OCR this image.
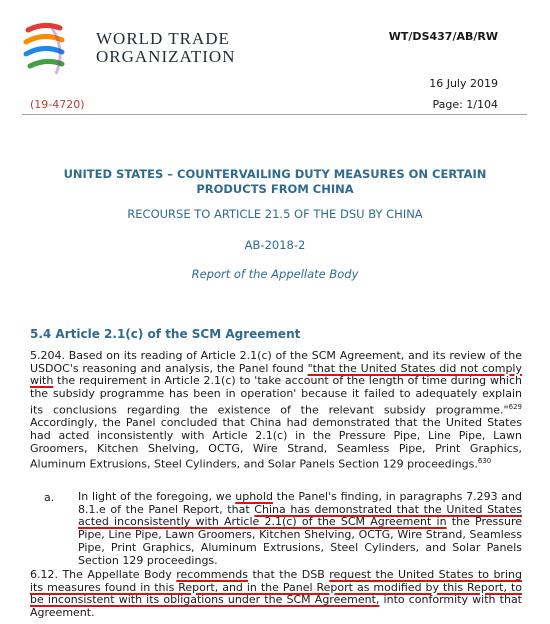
WORLD TRADE
ORGANIZATION
WT/DS437/AB/RW
16 July 2019
(19-4720)	Page: 1/104
UNITED STATES – COUNTERVAILING DUTY MEASURES ON CERTAIN PRODUCTS FROM CHINA
RECOURSE TO ARTICLE 21.5 OF THE DSU BY CHINA
AB-2018-2
Report of the Appellate Body
5.4 Article 2.1(c) of the SCM Agreement
5.204. Based on its reading of Article 2.1(c) of the SCM Agreement, and its review of the USDOC's reasoning and analysis, the Panel found "that the United States did not comply with the requirement in Article 2.1(c) to 'take account of the length of time during which the subsidy programme has been in operation' because it failed to adequately explain its conclusions regarding the existence of the relevant subsidy programme."$^{629}$ Accordingly, the Panel concluded that China had demonstrated that the United States had acted inconsistently with Article 2.1(c) in the Pressure Pipe, Line Pipe, Lawn Groomers, Kitchen Shelving, OCTG, Wire Strand, Seamless Pipe, Print Graphics, Aluminum Extrusions, Steel Cylinders, and Solar Panels Section 129 proceedings.$^{630}$
a. In light of the foregoing, we uphold the Panel's finding, in paragraphs 7.293 and 8.1.e of the Panel Report, that China has demonstrated that the United States acted inconsistently with Article 2.1(c) of the SCM Agreement in the Pressure Pipe, Line Pipe, Lawn Groomers, Kitchen Shelving, OCTG, Wire Strand, Seamless Pipe, Print Graphics, Aluminum Extrusions, Steel Cylinders, and Solar Panels Section 129 proceedings.
6.12. The Appellate Body recommends that the DSB request the United States to bring its measures found in this Report, and in the Panel Report as modified by this Report, to be inconsistent with its obligations under the SCM Agreement, into conformity with that Agreement.
